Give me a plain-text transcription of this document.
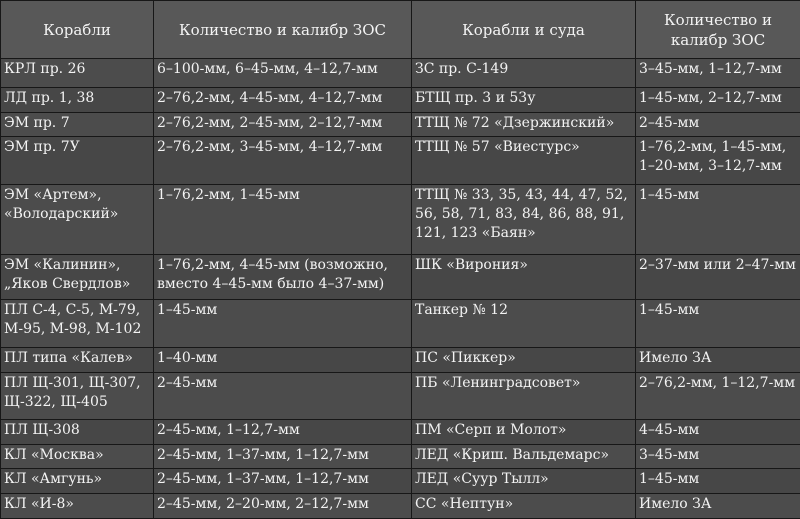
Корабли	Количество и калибр ЗОС	Корабли и суда	Количество и калибр ЗОС
КРЛ пр. 26	6–100-мм, 6–45-мм, 4–12,7-мм	ЗС пр. С-149	3–45-мм, 1–12,7-мм
ЛД пр. 1, 38	2–76,2-мм, 4–45-мм, 4–12,7-мм	БТЩ пр. 3 и 53у	1–45-мм, 2–12,7-мм
ЭМ пр. 7	2–76,2-мм, 2–45-мм, 2–12,7-мм	ТТЩ № 72 «Дзержинский»	2–45-мм
ЭМ пр. 7У	2–76,2-мм, 3–45-мм, 4–12,7-мм	ТТЩ № 57 «Виестурс»	1–76,2-мм, 1–45-мм, 1–20-мм, 3–12,7-мм
ЭМ «Артем», «Володарский»	1–76,2-мм, 1–45-мм	ТТЩ № 33, 35, 43, 44, 47, 52, 56, 58, 71, 83, 84, 86, 88, 91, 121, 123 «Баян»	1–45-мм
ЭМ «Калинин», „Яков Свердлов»	1–76,2-мм, 4–45-мм (возможно, вместо 4–45-мм было 4–37-мм)	ШК «Вирония»	2–37-мм или 2–47-мм
ПЛ С-4, С-5, М-79, М-95, М-98, М-102	1–45-мм	Танкер № 12	1–45-мм
ПЛ типа «Калев»	1–40-мм	ПС «Пиккер»	Имело ЗА
ПЛ Щ-301, Щ-307, Щ-322, Щ-405	2–45-мм	ПБ «Ленинградсовет»	2–76,2-мм, 1–12,7-мм
ПЛ Щ-308	2–45-мм, 1–12,7-мм	ПМ «Серп и Молот»	4–45-мм
КЛ «Москва»	2–45-мм, 1–37-мм, 1–12,7-мм	ЛЕД «Криш. Вальдемарс»	3–45-мм
КЛ «Амгунь»	2–45-мм, 1–37-мм, 1–12,7-мм	ЛЕД «Суур Тылл»	1–45-мм
КЛ «И-8»	2–45-мм, 2–20-мм, 2–12,7-мм	СС «Нептун»	Имело ЗА
